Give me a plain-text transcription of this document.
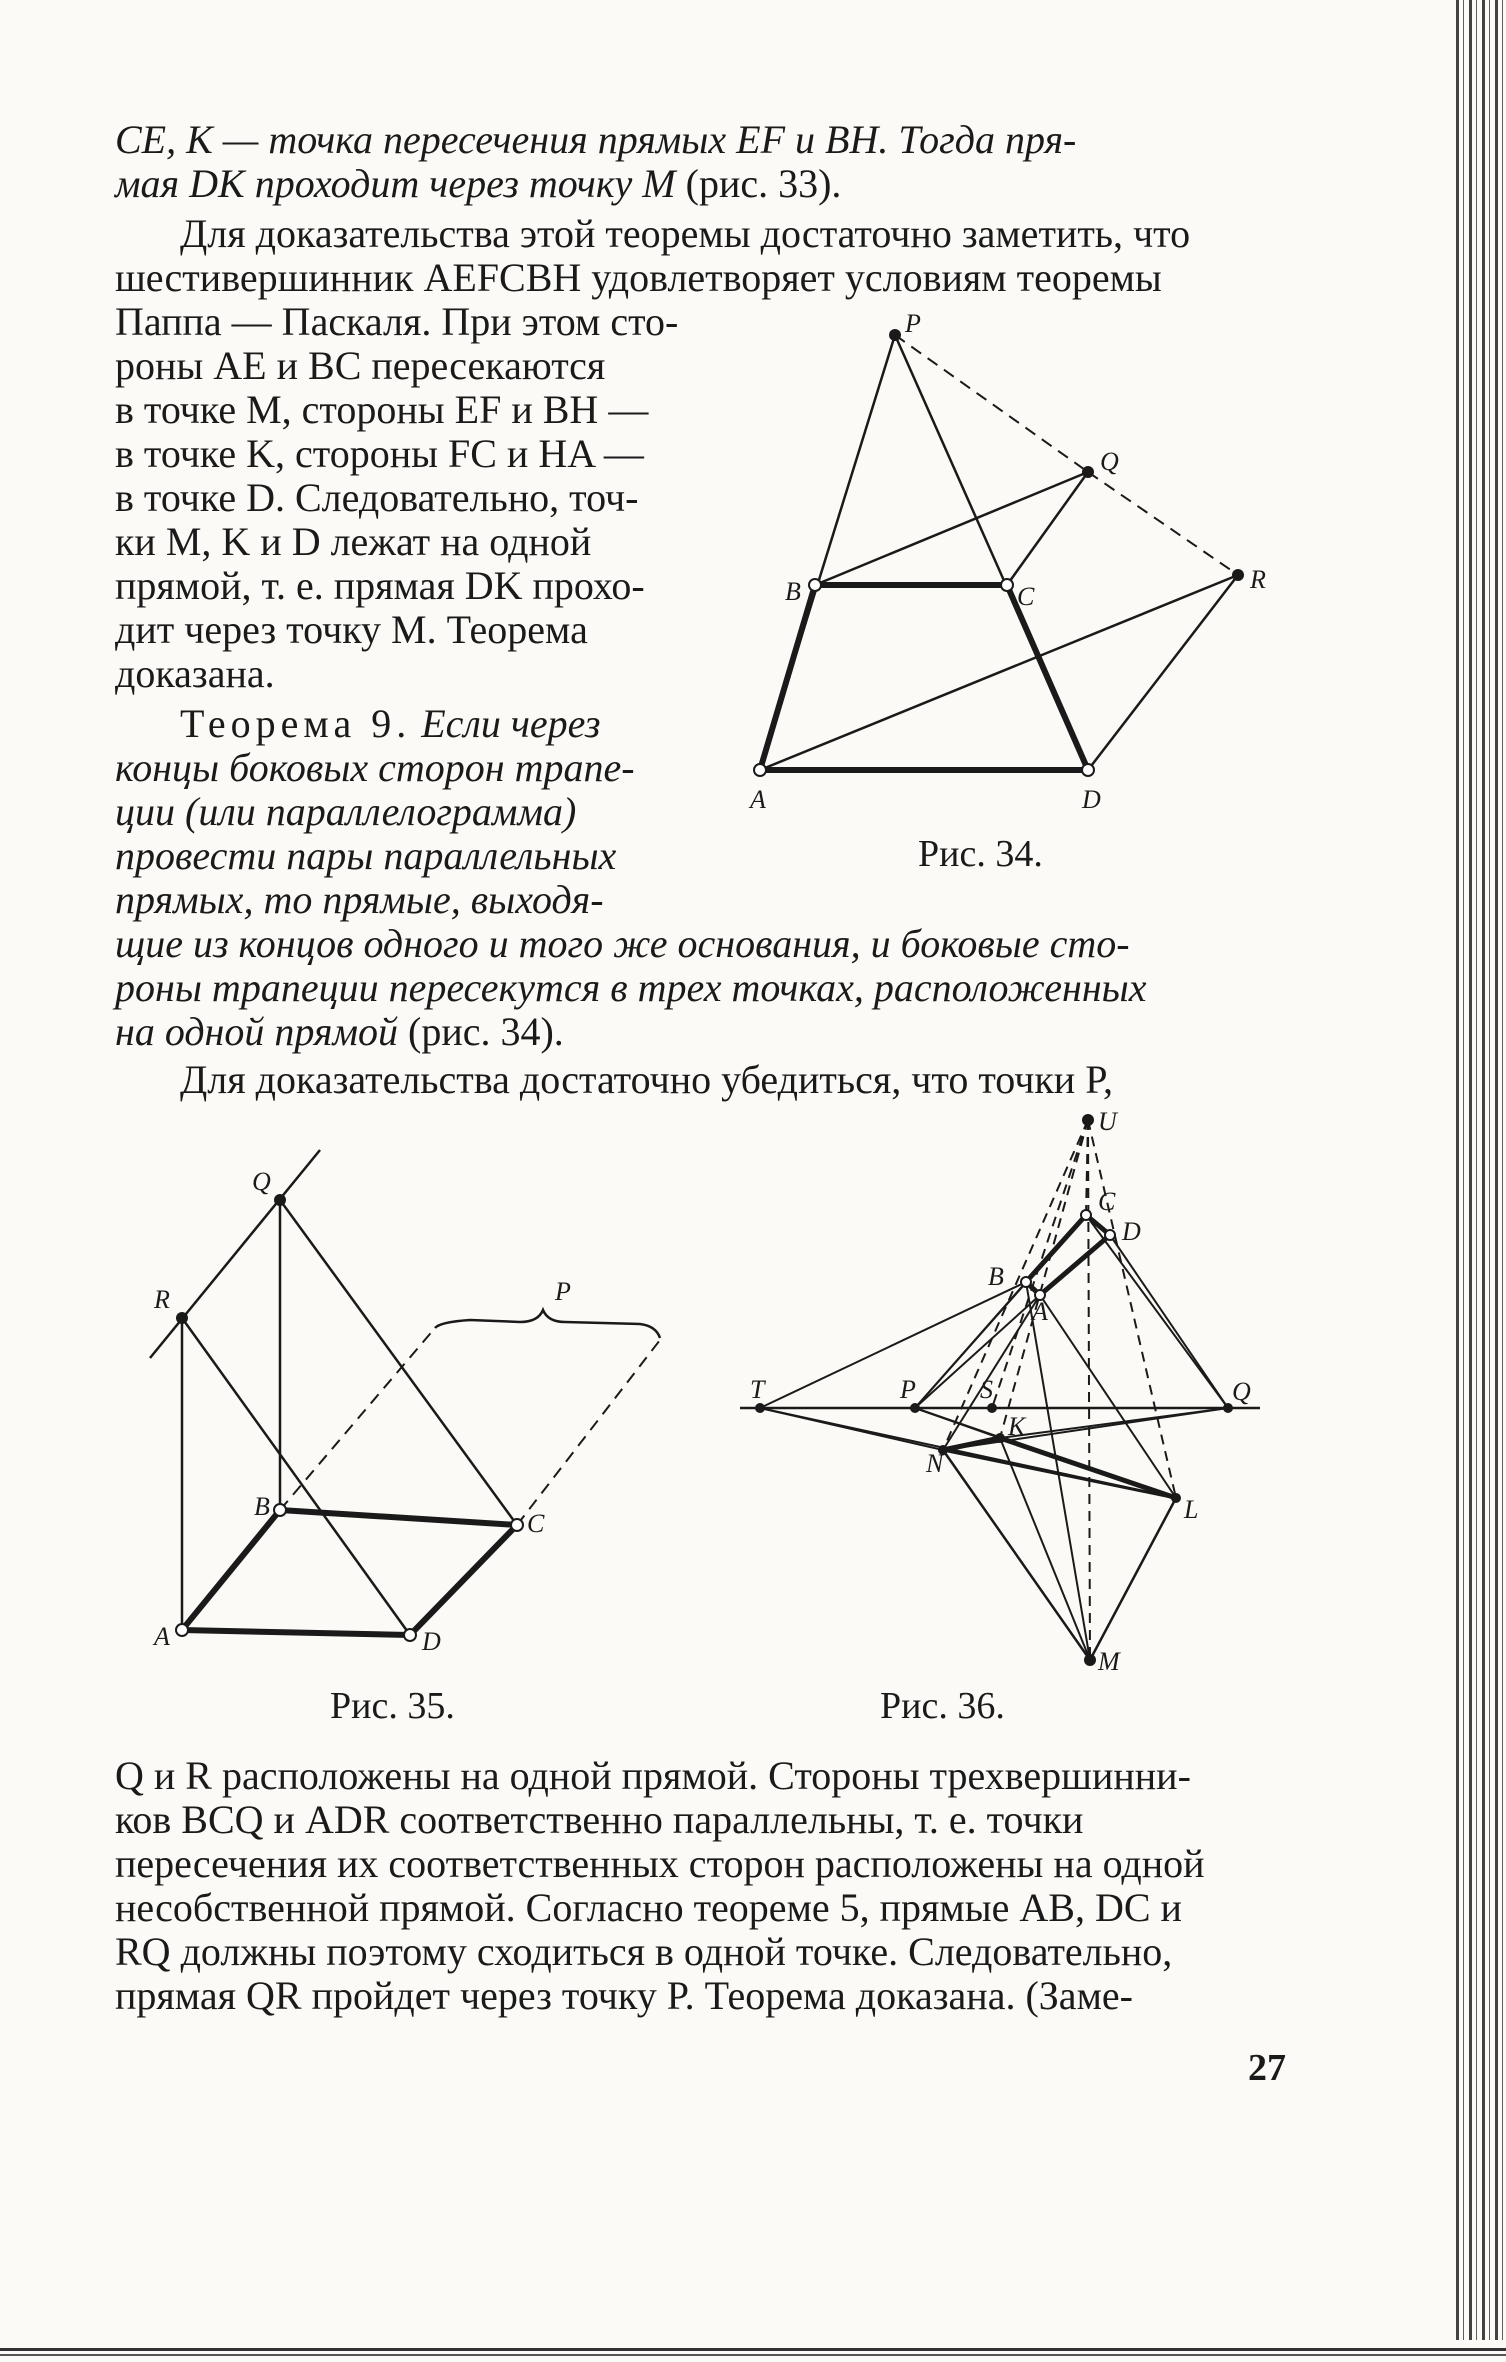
CE, K — точка пересечения прямых EF и BH. Тогда пря-
мая DK проходит через точку M (рис. 33).
Для доказательства этой теоремы достаточно заметить, что
шестивершинник AEFCBH удовлетворяет условиям теоремы
Паппа — Паскаля. При этом сто-
роны AE и BC пересекаются
в точке M, стороны EF и BH —
в точке K, стороны FC и HA —
в точке D. Следовательно, точ-
ки M, K и D лежат на одной
прямой, т. е. прямая DK прохо-
дит через точку M. Теорема
доказана.
Теорема 9. Если через
концы боковых сторон трапе-
ции (или параллелограмма)
провести пары параллельных
прямых, то прямые, выходя-
щие из концов одного и того же основания, и боковые сто-
роны трапеции пересекутся в трех точках, расположенных
на одной прямой (рис. 34).
Для доказательства достаточно убедиться, что точки P,
Q и R расположены на одной прямой. Стороны трехвершинни-
ков BCQ и ADR соответственно параллельны, т. е. точки
пересечения их соответственных сторон расположены на одной
несобственной прямой. Согласно теореме 5, прямые AB, DC и
RQ должны поэтому сходиться в одной точке. Следовательно,
прямая QR пройдет через точку P. Теорема доказана. (Заме-
27
Рис. 34.
Рис. 35.	Рис. 36.
P
Q
R
B	C
A	D
Q
R	P
B
C
A	D
U
C
D
B
A
T	P S
K
Q
N
L
M
